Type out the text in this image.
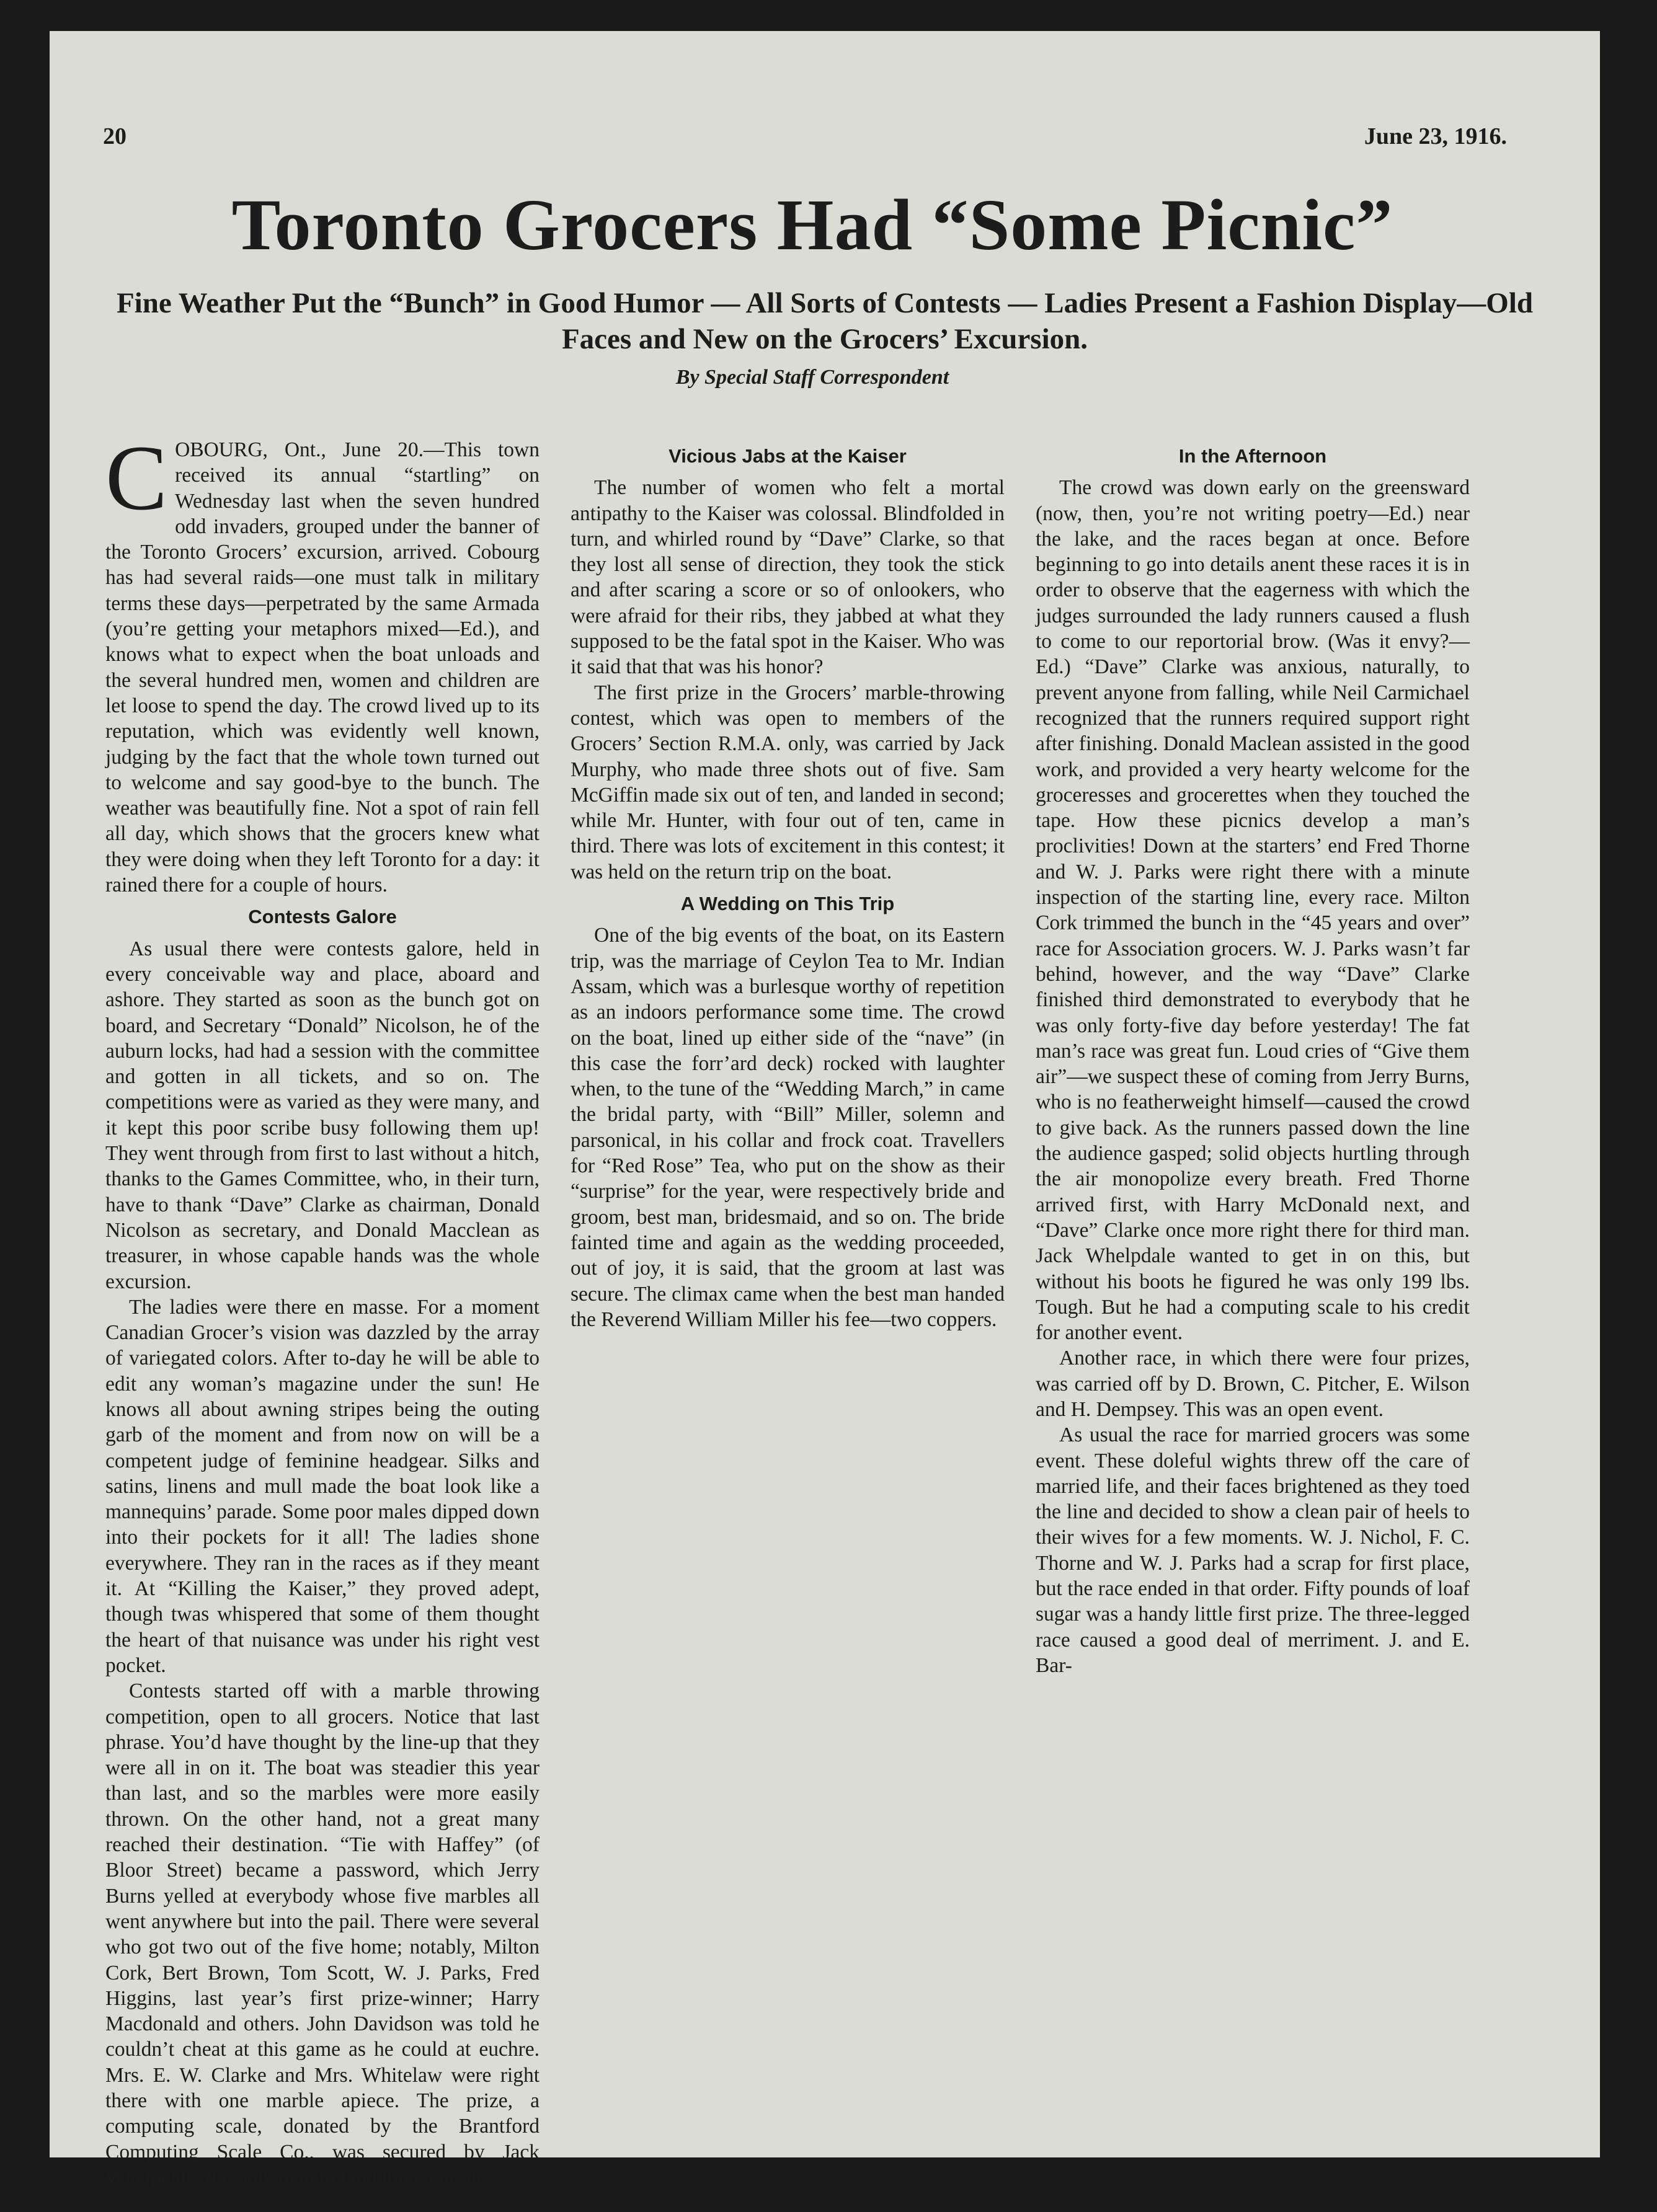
20	June 23, 1916.
Toronto Grocers Had “Some Picnic”
Fine Weather Put the “Bunch” in Good Humor — All Sorts of Contests — Ladies Present a Fashion Display—Old Faces and New on the Grocers’ Excursion.
By Special Staff Correspondent

COBOURG, Ont., June 20.—This town received its annual “startling” on Wednesday last when the seven hundred odd invaders, grouped under the banner of the Toronto Grocers’ excursion, arrived. Cobourg has had several raids—one must talk in military terms these days—perpetrated by the same Armada (you’re getting your metaphors mixed—Ed.), and knows what to expect when the boat unloads and the several hundred men, women and children are let loose to spend the day. The crowd lived up to its reputation, which was evidently well known, judging by the fact that the whole town turned out to welcome and say good-bye to the bunch. The weather was beautifully fine. Not a spot of rain fell all day, which shows that the grocers knew what they were doing when they left Toronto for a day: it rained there for a couple of hours.

Contests Galore

As usual there were contests galore, held in every conceivable way and place, aboard and ashore. They started as soon as the bunch got on board, and Secretary “Donald” Nicolson, he of the auburn locks, had had a session with the committee and gotten in all tickets, and so on. The competitions were as varied as they were many, and it kept this poor scribe busy following them up! They went through from first to last without a hitch, thanks to the Games Committee, who, in their turn, have to thank “Dave” Clarke as chairman, Donald Nicolson as secretary, and Donald Macclean as treasurer, in whose capable hands was the whole excursion.

The ladies were there en masse. For a moment Canadian Grocer’s vision was dazzled by the array of variegated colors. After to-day he will be able to edit any woman’s magazine under the sun! He knows all about awning stripes being the outing garb of the moment and from now on will be a competent judge of feminine headgear. Silks and satins, linens and mull made the boat look like a mannequins’ parade. Some poor males dipped down into their pockets for it all! The ladies shone everywhere. They ran in the races as if they meant it. At “Killing the Kaiser,” they proved adept, though twas whispered that some of them thought the heart of that nuisance was under his right vest pocket.

Contests started off with a marble throwing competition, open to all grocers. Notice that last phrase. You’d have thought by the line-up that they were all in on it. The boat was steadier this year than last, and so the marbles were more easily thrown. On the other hand, not a great many reached their destination. “Tie with Haffey” (of Bloor Street) became a password, which Jerry Burns yelled at everybody whose five marbles all went anywhere but into the pail. There were several who got two out of the five home; notably, Milton Cork, Bert Brown, Tom Scott, W. J. Parks, Fred Higgins, last year’s first prize-winner; Harry Macdonald and others. John Davidson was told he couldn’t cheat at this game as he could at euchre. Mrs. E. W. Clarke and Mrs. Whitelaw were right there with one marble apiece. The prize, a computing scale, donated by the Brantford Computing Scale Co., was secured by Jack Whelpdale, the only man to land three marbles.

Vicious Jabs at the Kaiser

The number of women who felt a mortal antipathy to the Kaiser was colossal. Blindfolded in turn, and whirled round by “Dave” Clarke, so that they lost all sense of direction, they took the stick and after scaring a score or so of onlookers, who were afraid for their ribs, they jabbed at what they supposed to be the fatal spot in the Kaiser. Who was it said that that was his honor?

The first prize in the Grocers’ marble-throwing contest, which was open to members of the Grocers’ Section R.M.A. only, was carried by Jack Murphy, who made three shots out of five. Sam McGiffin made six out of ten, and landed in second; while Mr. Hunter, with four out of ten, came in third. There was lots of excitement in this contest; it was held on the return trip on the boat.

A Wedding on This Trip

One of the big events of the boat, on its Eastern trip, was the marriage of Ceylon Tea to Mr. Indian Assam, which was a burlesque worthy of repetition as an indoors performance some time. The crowd on the boat, lined up either side of the “nave” (in this case the forr’ard deck) rocked with laughter when, to the tune of the “Wedding March,” in came the bridal party, with “Bill” Miller, solemn and parsonical, in his collar and frock coat. Travellers for “Red Rose” Tea, who put on the show as their “surprise” for the year, were respectively bride and groom, best man, bridesmaid, and so on. The bride fainted time and again as the wedding proceeded, out of joy, it is said, that the groom at last was secure. The climax came when the best man handed the Reverend William Miller his fee—two coppers.

In the Afternoon

The crowd was down early on the greensward (now, then, you’re not writing poetry—Ed.) near the lake, and the races began at once. Before beginning to go into details anent these races it is in order to observe that the eagerness with which the judges surrounded the lady runners caused a flush to come to our reportorial brow. (Was it envy?—Ed.) “Dave” Clarke was anxious, naturally, to prevent anyone from falling, while Neil Carmichael recognized that the runners required support right after finishing. Donald Maclean assisted in the good work, and provided a very hearty welcome for the groceresses and grocerettes when they touched the tape. How these picnics develop a man’s proclivities! Down at the starters’ end Fred Thorne and W. J. Parks were right there with a minute inspection of the starting line, every race. Milton Cork trimmed the bunch in the “45 years and over” race for Association grocers. W. J. Parks wasn’t far behind, however, and the way “Dave” Clarke finished third demonstrated to everybody that he was only forty-five day before yesterday! The fat man’s race was great fun. Loud cries of “Give them air”—we suspect these of coming from Jerry Burns, who is no featherweight himself—caused the crowd to give back. As the runners passed down the line the audience gasped; solid objects hurtling through the air monopolize every breath. Fred Thorne arrived first, with Harry McDonald next, and “Dave” Clarke once more right there for third man. Jack Whelpdale wanted to get in on this, but without his boots he figured he was only 199 lbs. Tough. But he had a computing scale to his credit for another event.

Another race, in which there were four prizes, was carried off by D. Brown, C. Pitcher, E. Wilson and H. Dempsey. This was an open event.

As usual the race for married grocers was some event. These doleful wights threw off the care of married life, and their faces brightened as they toed the line and decided to show a clean pair of heels to their wives for a few moments. W. J. Nichol, F. C. Thorne and W. J. Parks had a scrap for first place, but the race ended in that order. Fifty pounds of loaf sugar was a handy little first prize. The three-legged race caused a good deal of merriment. J. and E. Bar-
